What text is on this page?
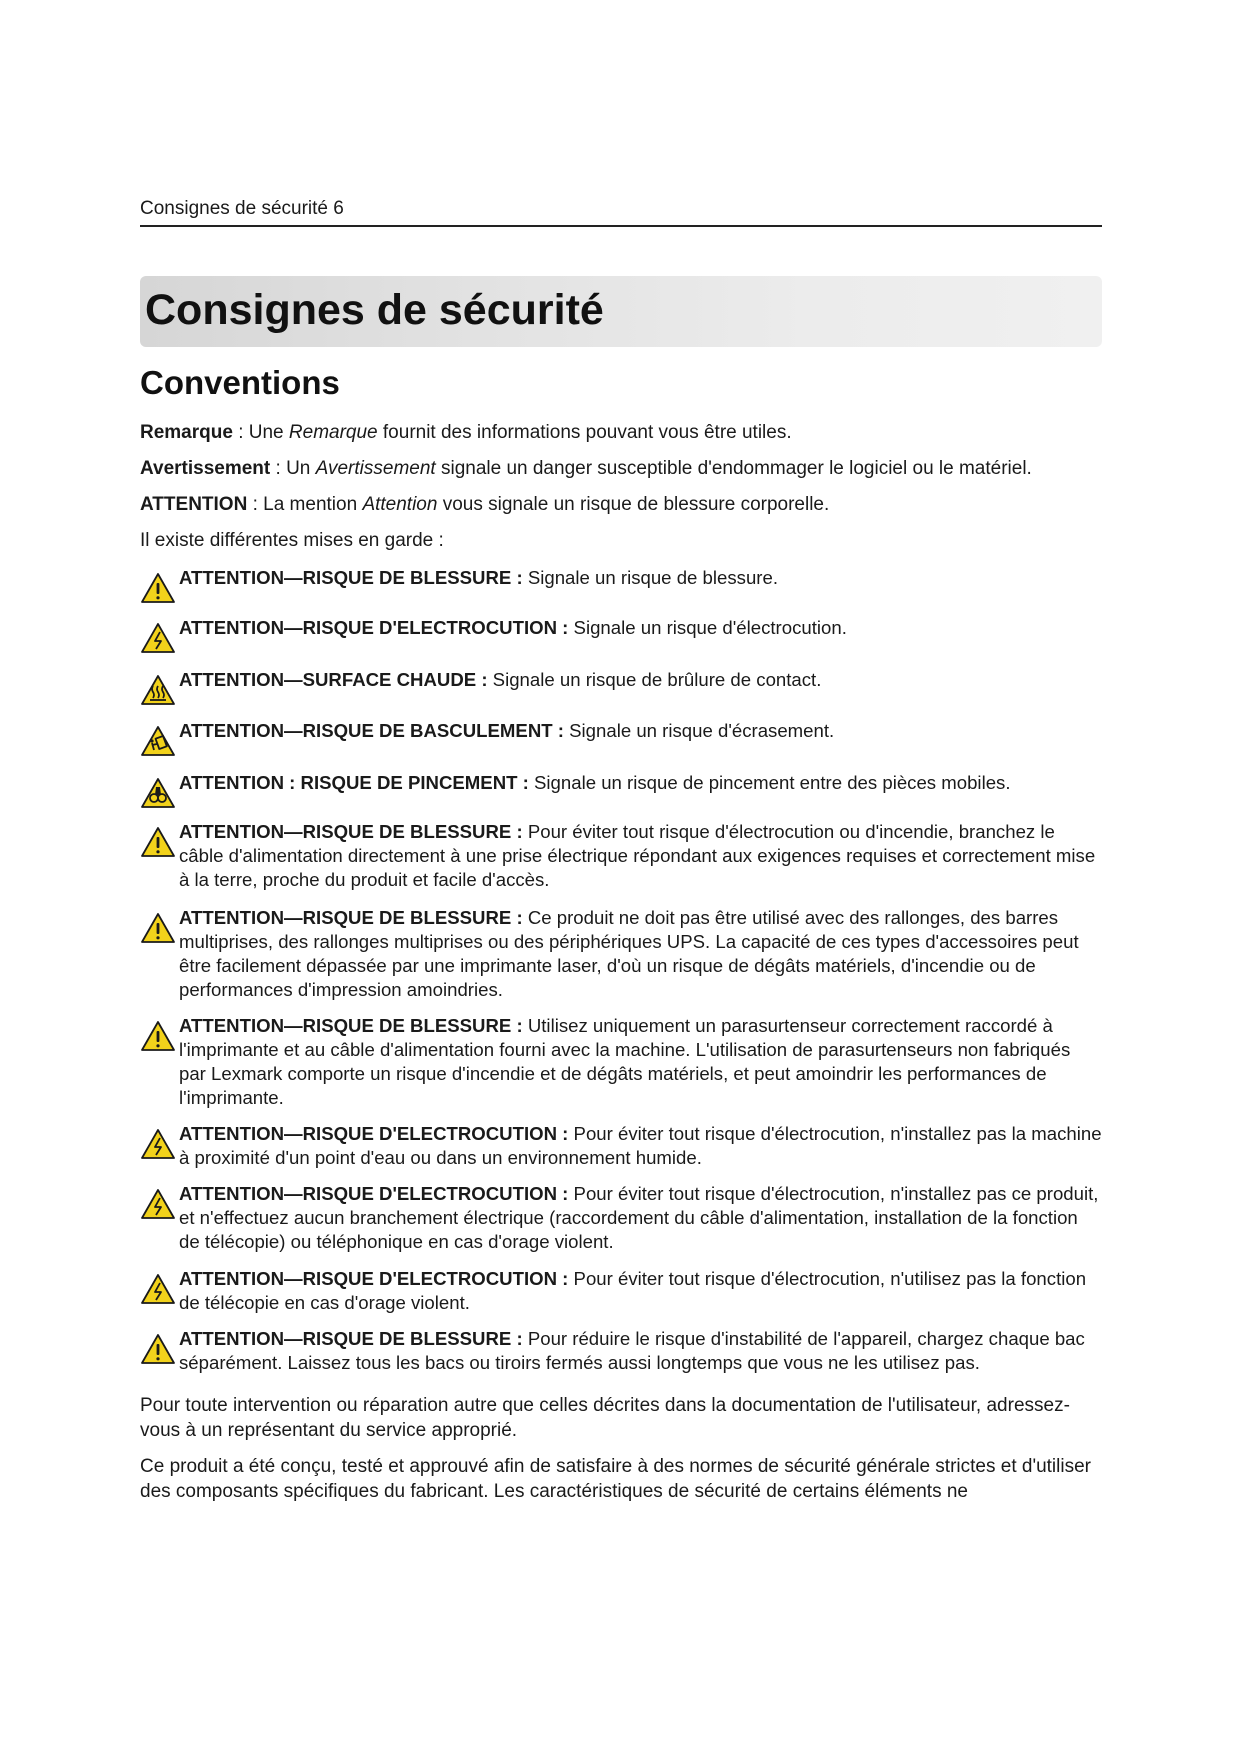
Consignes de sécurité 6
Consignes de sécurité
Conventions

Remarque : Une Remarque fournit des informations pouvant vous être utiles.

Avertissement : Un Avertissement signale un danger susceptible d'endommager le logiciel ou le matériel.

ATTENTION : La mention Attention vous signale un risque de blessure corporelle.

Il existe différentes mises en garde :

ATTENTION—RISQUE DE BLESSURE : Signale un risque de blessure.

ATTENTION—RISQUE D'ELECTROCUTION : Signale un risque d'électrocution.

ATTENTION—SURFACE CHAUDE : Signale un risque de brûlure de contact.

ATTENTION—RISQUE DE BASCULEMENT : Signale un risque d'écrasement.

ATTENTION : RISQUE DE PINCEMENT : Signale un risque de pincement entre des pièces mobiles.

ATTENTION—RISQUE DE BLESSURE : Pour éviter tout risque d'électrocution ou d'incendie, branchez le câble d'alimentation directement à une prise électrique répondant aux exigences requises et correctement mise à la terre, proche du produit et facile d'accès.

ATTENTION—RISQUE DE BLESSURE : Ce produit ne doit pas être utilisé avec des rallonges, des barres multiprises, des rallonges multiprises ou des périphériques UPS. La capacité de ces types d'accessoires peut être facilement dépassée par une imprimante laser, d'où un risque de dégâts matériels, d'incendie ou de performances d'impression amoindries.

ATTENTION—RISQUE DE BLESSURE : Utilisez uniquement un parasurtenseur correctement raccordé à l'imprimante et au câble d'alimentation fourni avec la machine. L'utilisation de parasurtenseurs non fabriqués par Lexmark comporte un risque d'incendie et de dégâts matériels, et peut amoindrir les performances de l'imprimante.

ATTENTION—RISQUE D'ELECTROCUTION : Pour éviter tout risque d'électrocution, n'installez pas la machine à proximité d'un point d'eau ou dans un environnement humide.

ATTENTION—RISQUE D'ELECTROCUTION : Pour éviter tout risque d'électrocution, n'installez pas ce produit, et n'effectuez aucun branchement électrique (raccordement du câble d'alimentation, installation de la fonction de télécopie) ou téléphonique en cas d'orage violent.

ATTENTION—RISQUE D'ELECTROCUTION : Pour éviter tout risque d'électrocution, n'utilisez pas la fonction de télécopie en cas d'orage violent.

ATTENTION—RISQUE DE BLESSURE : Pour réduire le risque d'instabilité de l'appareil, chargez chaque bac séparément. Laissez tous les bacs ou tiroirs fermés aussi longtemps que vous ne les utilisez pas.

Pour toute intervention ou réparation autre que celles décrites dans la documentation de l'utilisateur, adressez-vous à un représentant du service approprié.

Ce produit a été conçu, testé et approuvé afin de satisfaire à des normes de sécurité générale strictes et d'utiliser des composants spécifiques du fabricant. Les caractéristiques de sécurité de certains éléments ne
